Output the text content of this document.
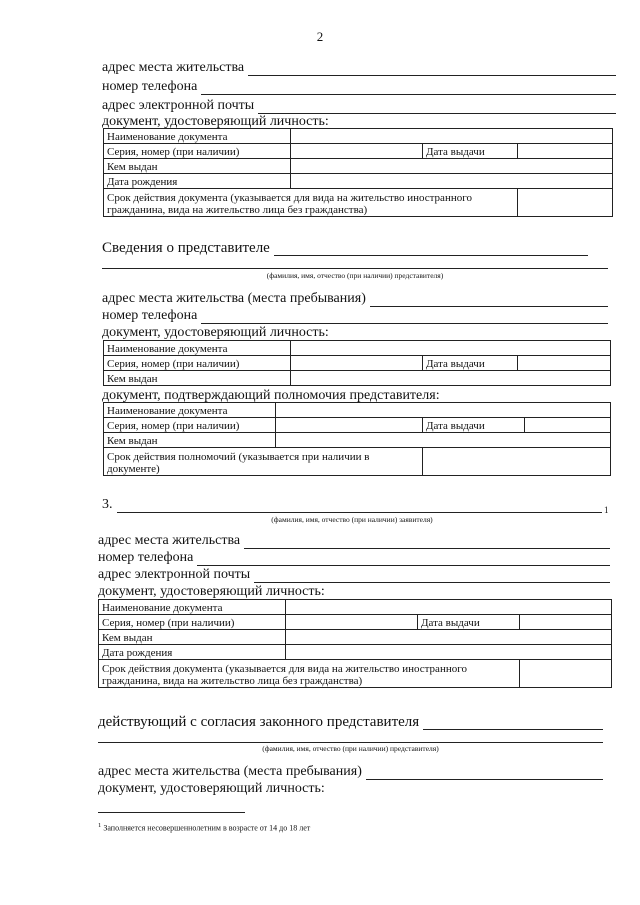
2
адрес места жительства
номер телефона
адрес электронной почты
документ, удостоверяющий личность:
Наименование документа			
Серия, номер (при наличии)		Дата выдачи	
Кем выдан			
Дата рождения			
Срок действия документа (указывается для вида на жительство иностранного гражданина, вида на жительство лица без гражданства)			
Сведения о представителе
(фамилия, имя, отчество (при наличии) представителя)
адрес места жительства (места пребывания)
номер телефона
документ, удостоверяющий личность:
Наименование документа			
Серия, номер (при наличии)		Дата выдачи	
Кем выдан			
документ, подтверждающий полномочия представителя:
Наименование документа			
Серия, номер (при наличии)		Дата выдачи	
Кем выдан			
Срок действия полномочий (указывается при наличии в документе)			
3.	1
(фамилия, имя, отчество (при наличии) заявителя)
адрес места жительства
номер телефона
адрес электронной почты
документ, удостоверяющий личность:
Наименование документа			
Серия, номер (при наличии)		Дата выдачи	
Кем выдан			
Дата рождения			
Срок действия документа (указывается для вида на жительство иностранного гражданина, вида на жительство лица без гражданства)			
действующий с согласия законного представителя
(фамилия, имя, отчество (при наличии) представителя)
адрес места жительства (места пребывания)
документ, удостоверяющий личность:
$^1$ Заполняется несовершеннолетним в возрасте от 14 до 18 лет
